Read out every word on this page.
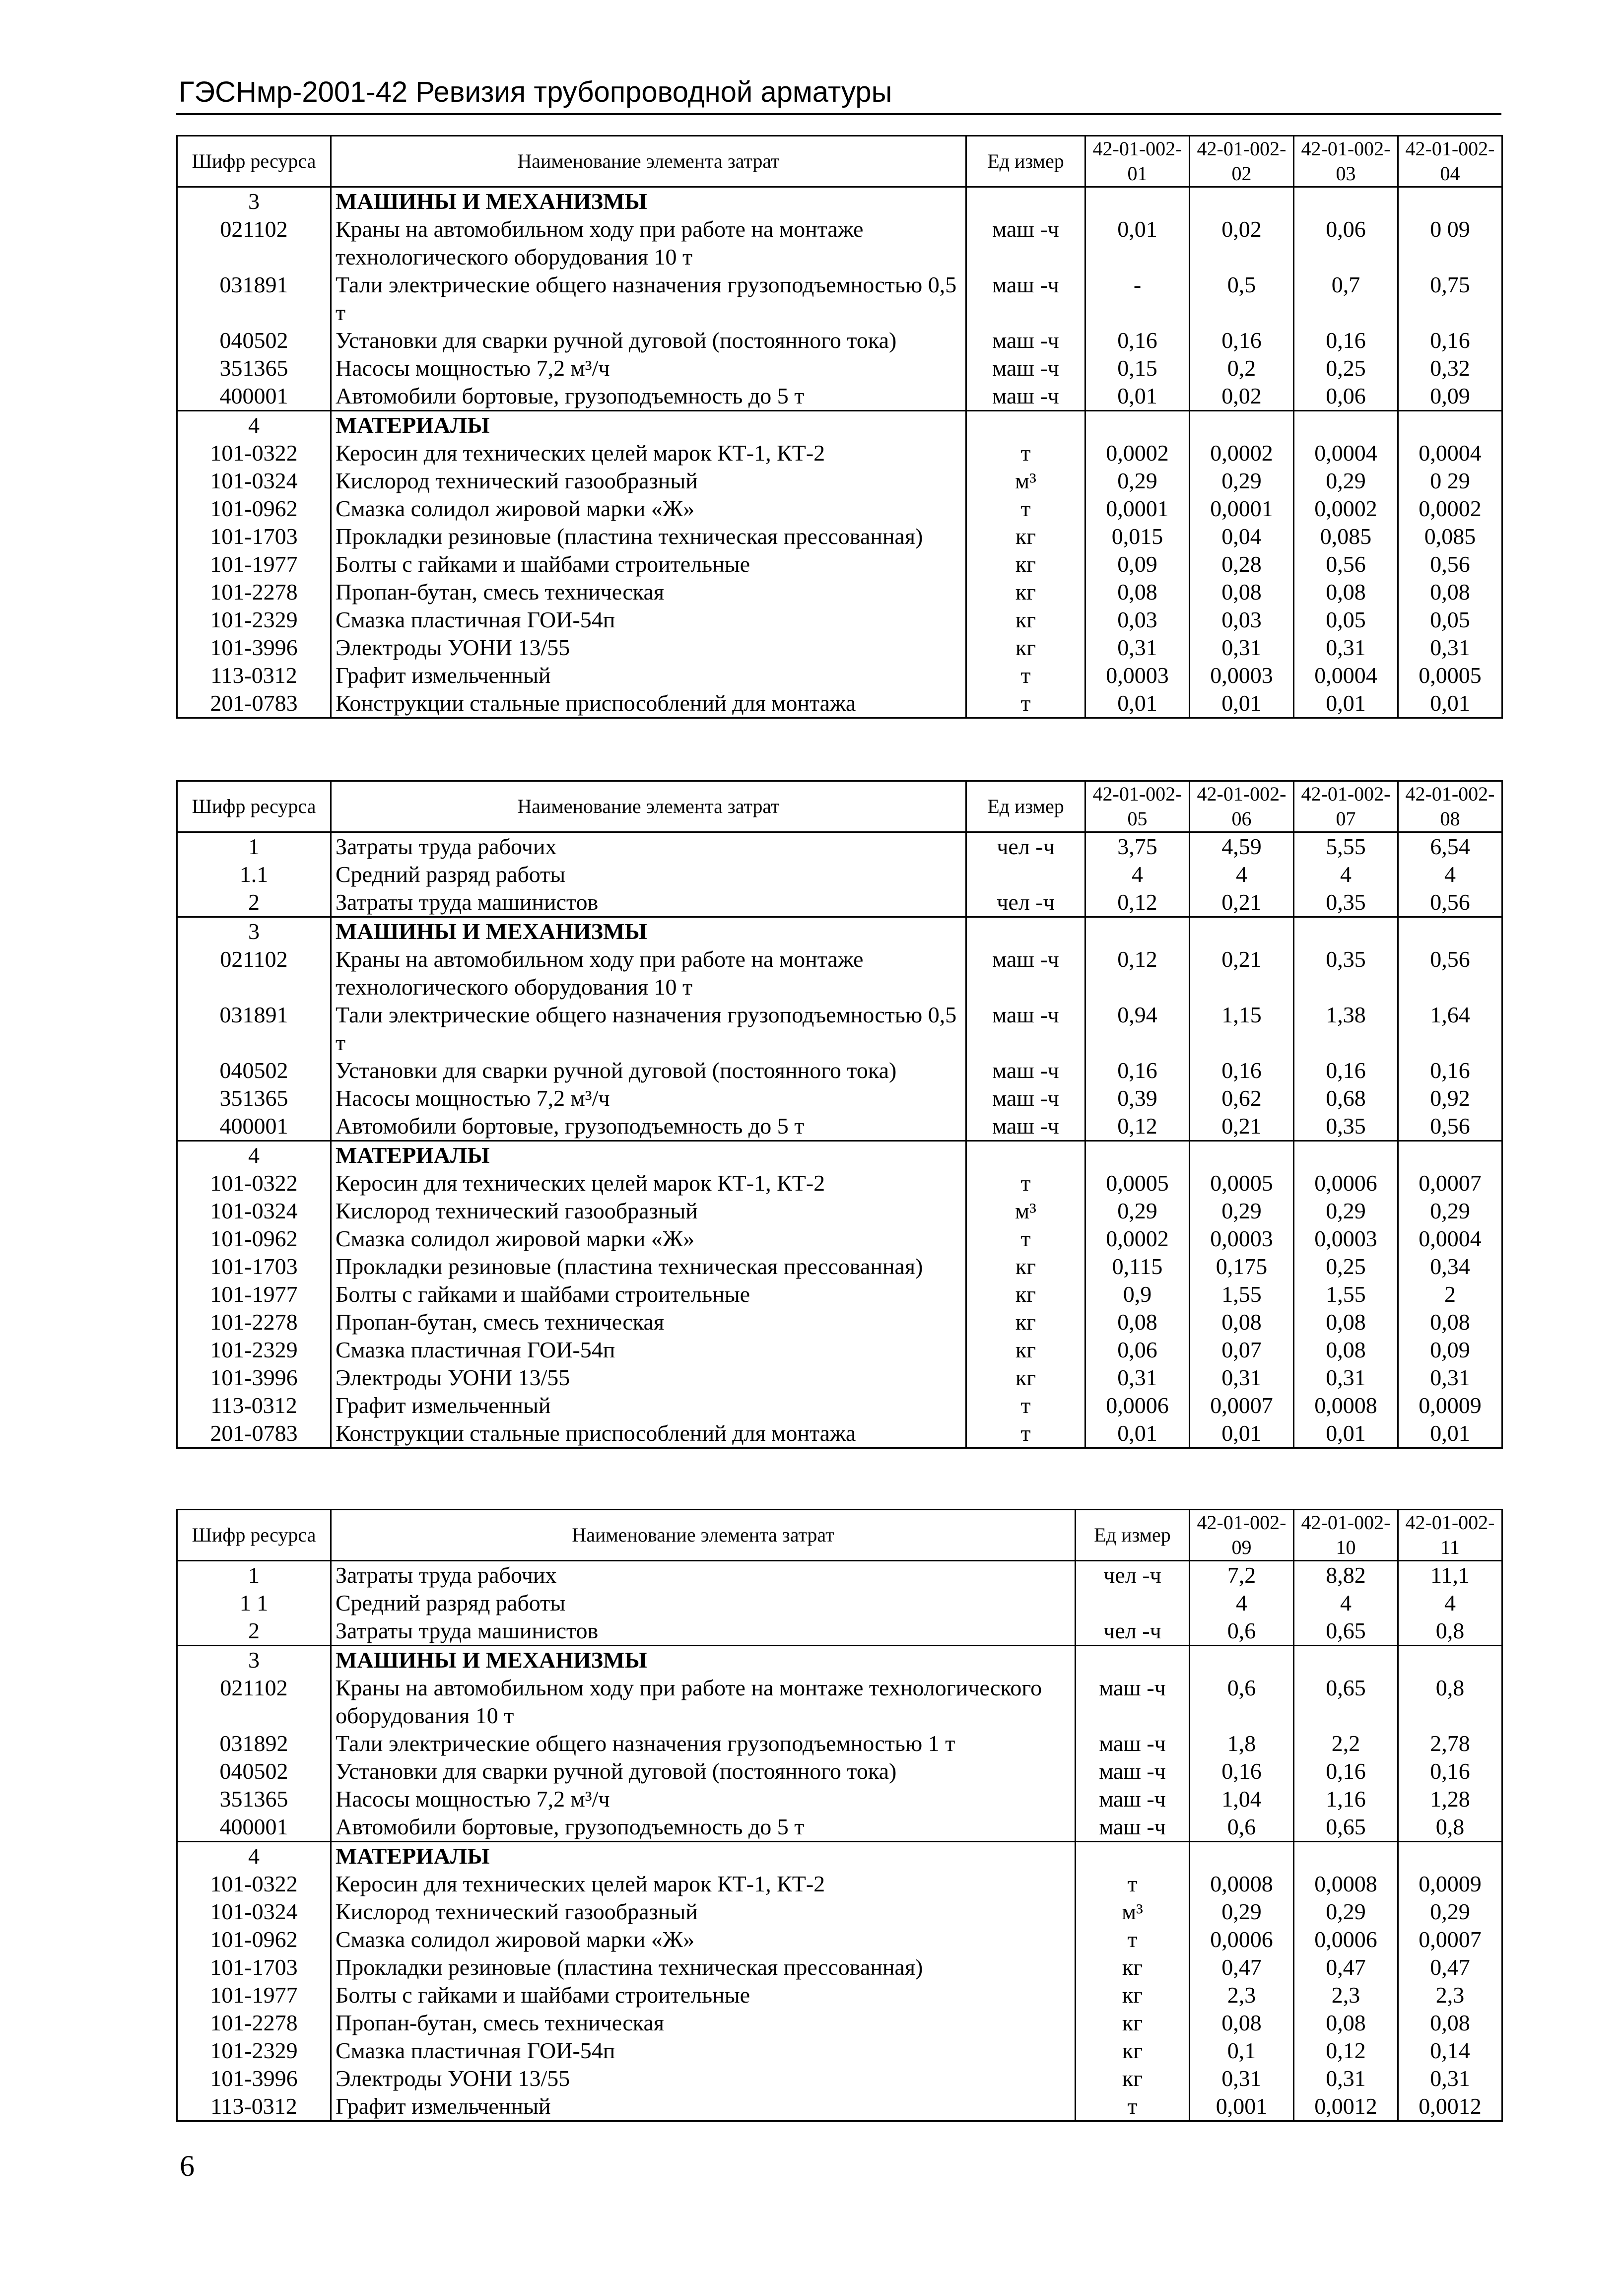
ГЭСНмр-2001-42 Ревизия трубопроводной арматуры
Шифр ресурса	Наименование элемента затрат	Ед измер	42-01-002-01	42-01-002-02	42-01-002-03	42-01-002-04
3	МАШИНЫ И МЕХАНИЗМЫ					
021102	Краны на автомобильном ходу при работе на монтаже технологического оборудования 10 т	маш -ч	0,01	0,02	0,06	0 09
031891	Тали электрические общего назначения грузоподъемностью 0,5 т	маш -ч	-	0,5	0,7	0,75
040502	Установки для сварки ручной дуговой (постоянного тока)	маш -ч	0,16	0,16	0,16	0,16
351365	Насосы мощностью 7,2 м³/ч	маш -ч	0,15	0,2	0,25	0,32
400001	Автомобили бортовые, грузоподъемность до 5 т	маш -ч	0,01	0,02	0,06	0,09
4	МАТЕРИАЛЫ					
101-0322	Керосин для технических целей марок КТ-1, КТ-2	т	0,0002	0,0002	0,0004	0,0004
101-0324	Кислород технический газообразный	м³	0,29	0,29	0,29	0 29
101-0962	Смазка солидол жировой марки «Ж»	т	0,0001	0,0001	0,0002	0,0002
101-1703	Прокладки резиновые (пластина техническая прессованная)	кг	0,015	0,04	0,085	0,085
101-1977	Болты с гайками и шайбами строительные	кг	0,09	0,28	0,56	0,56
101-2278	Пропан-бутан, смесь техническая	кг	0,08	0,08	0,08	0,08
101-2329	Смазка пластичная ГОИ-54п	кг	0,03	0,03	0,05	0,05
101-3996	Электроды УОНИ 13/55	кг	0,31	0,31	0,31	0,31
113-0312	Графит измельченный	т	0,0003	0,0003	0,0004	0,0005
201-0783	Конструкции стальные приспособлений для монтажа	т	0,01	0,01	0,01	0,01
Шифр ресурса	Наименование элемента затрат	Ед измер	42-01-002-05	42-01-002-06	42-01-002-07	42-01-002-08
1	Затраты труда рабочих	чел -ч	3,75	4,59	5,55	6,54
1.1	Средний разряд работы		4	4	4	4
2	Затраты труда машинистов	чел -ч	0,12	0,21	0,35	0,56
3	МАШИНЫ И МЕХАНИЗМЫ					
021102	Краны на автомобильном ходу при работе на монтаже технологического оборудования 10 т	маш -ч	0,12	0,21	0,35	0,56
031891	Тали электрические общего назначения грузоподъемностью 0,5 т	маш -ч	0,94	1,15	1,38	1,64
040502	Установки для сварки ручной дуговой (постоянного тока)	маш -ч	0,16	0,16	0,16	0,16
351365	Насосы мощностью 7,2 м³/ч	маш -ч	0,39	0,62	0,68	0,92
400001	Автомобили бортовые, грузоподъемность до 5 т	маш -ч	0,12	0,21	0,35	0,56
4	МАТЕРИАЛЫ					
101-0322	Керосин для технических целей марок КТ-1, КТ-2	т	0,0005	0,0005	0,0006	0,0007
101-0324	Кислород технический газообразный	м³	0,29	0,29	0,29	0,29
101-0962	Смазка солидол жировой марки «Ж»	т	0,0002	0,0003	0,0003	0,0004
101-1703	Прокладки резиновые (пластина техническая прессованная)	кг	0,115	0,175	0,25	0,34
101-1977	Болты с гайками и шайбами строительные	кг	0,9	1,55	1,55	2
101-2278	Пропан-бутан, смесь техническая	кг	0,08	0,08	0,08	0,08
101-2329	Смазка пластичная ГОИ-54п	кг	0,06	0,07	0,08	0,09
101-3996	Электроды УОНИ 13/55	кг	0,31	0,31	0,31	0,31
113-0312	Графит измельченный	т	0,0006	0,0007	0,0008	0,0009
201-0783	Конструкции стальные приспособлений для монтажа	т	0,01	0,01	0,01	0,01
Шифр ресурса	Наименование элемента затрат	Ед измер	42-01-002-09	42-01-002-10	42-01-002-11
1	Затраты труда рабочих	чел -ч	7,2	8,82	11,1
1 1	Средний разряд работы		4	4	4
2	Затраты труда машинистов	чел -ч	0,6	0,65	0,8
3	МАШИНЫ И МЕХАНИЗМЫ				
021102	Краны на автомобильном ходу при работе на монтаже технологического оборудования 10 т	маш -ч	0,6	0,65	0,8
031892	Тали электрические общего назначения грузоподъемностью 1 т	маш -ч	1,8	2,2	2,78
040502	Установки для сварки ручной дуговой (постоянного тока)	маш -ч	0,16	0,16	0,16
351365	Насосы мощностью 7,2 м³/ч	маш -ч	1,04	1,16	1,28
400001	Автомобили бортовые, грузоподъемность до 5 т	маш -ч	0,6	0,65	0,8
4	МАТЕРИАЛЫ				
101-0322	Керосин для технических целей марок КТ-1, КТ-2	т	0,0008	0,0008	0,0009
101-0324	Кислород технический газообразный	м³	0,29	0,29	0,29
101-0962	Смазка солидол жировой марки «Ж»	т	0,0006	0,0006	0,0007
101-1703	Прокладки резиновые (пластина техническая прессованная)	кг	0,47	0,47	0,47
101-1977	Болты с гайками и шайбами строительные	кг	2,3	2,3	2,3
101-2278	Пропан-бутан, смесь техническая	кг	0,08	0,08	0,08
101-2329	Смазка пластичная ГОИ-54п	кг	0,1	0,12	0,14
101-3996	Электроды УОНИ 13/55	кг	0,31	0,31	0,31
113-0312	Графит измельченный	т	0,001	0,0012	0,0012
6
